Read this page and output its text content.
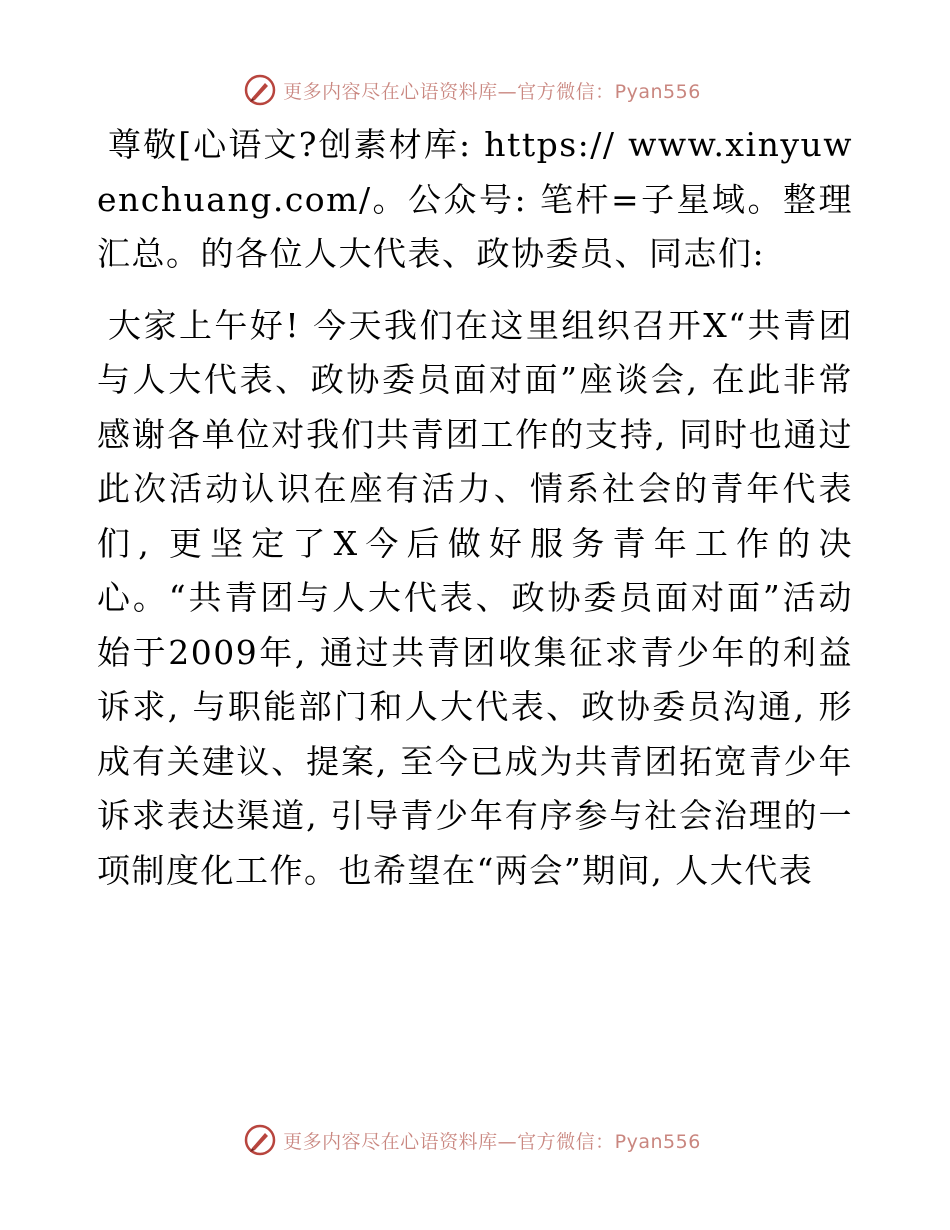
更多内容尽在心语资料库—官方微信：Pyan556

尊敬[心语文?创素材库: https:// www.xinyuwenchuang.com/。公众号: 笔杆=子星域。整理汇总。的各位人大代表、政协委员、同志们:

大家上午好! 今天我们在这里组织召开X“共青团与人大代表、政协委员面对面”座谈会, 在此非常感谢各单位对我们共青团工作的支持, 同时也通过此次活动认识在座有活力、情系社会的青年代表们, 更坚定了X今后做好服务青年工作的决心。“共青团与人大代表、政协委员面对面”活动始于2009年, 通过共青团收集征求青少年的利益诉求, 与职能部门和人大代表、政协委员沟通, 形成有关建议、提案, 至今已成为共青团拓宽青少年诉求表达渠道, 引导青少年有序参与社会治理的一项制度化工作。也希望在“两会”期间, 人大代表

更多内容尽在心语资料库—官方微信：Pyan556
